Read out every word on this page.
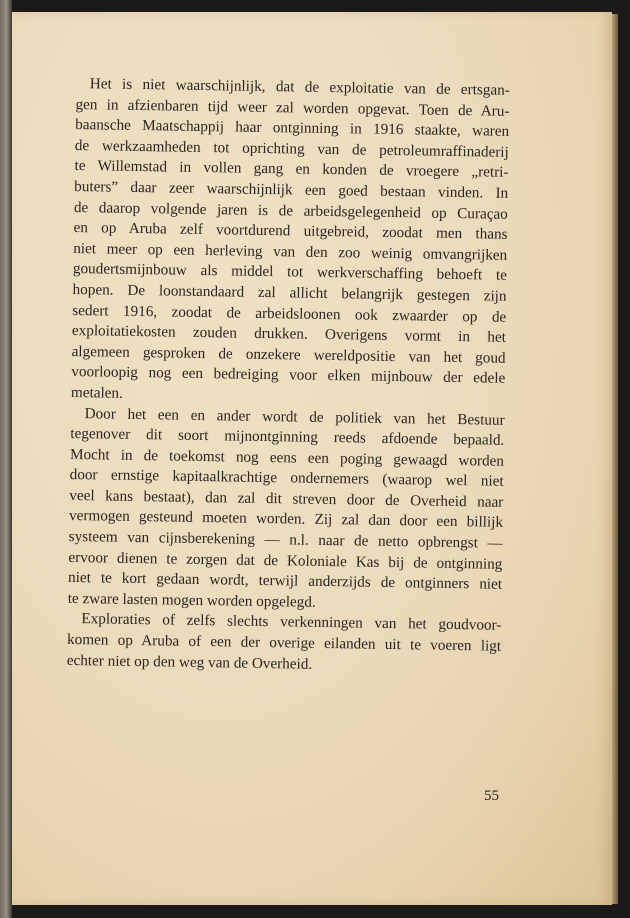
Het is niet waarschijnlijk, dat de exploitatie van de ertsgan-
gen in afzienbaren tijd weer zal worden opgevat. Toen de Aru-
baansche Maatschappij haar ontginning in 1916 staakte, waren
de werkzaamheden tot oprichting van de petroleumraffinaderij
te Willemstad in vollen gang en konden de vroegere „retri-
buters” daar zeer waarschijnlijk een goed bestaan vinden. In
de daarop volgende jaren is de arbeidsgelegenheid op Curaçao
en op Aruba zelf voortdurend uitgebreid, zoodat men thans
niet meer op een herleving van den zoo weinig omvangrijken
goudertsmijnbouw als middel tot werkverschaffing behoeft te
hopen. De loonstandaard zal allicht belangrijk gestegen zijn
sedert 1916, zoodat de arbeidsloonen ook zwaarder op de
exploitatiekosten zouden drukken. Overigens vormt in het
algemeen gesproken de onzekere wereldpositie van het goud
voorloopig nog een bedreiging voor elken mijnbouw der edele
metalen.
Door het een en ander wordt de politiek van het Bestuur
tegenover dit soort mijnontginning reeds afdoende bepaald.
Mocht in de toekomst nog eens een poging gewaagd worden
door ernstige kapitaalkrachtige ondernemers (waarop wel niet
veel kans bestaat), dan zal dit streven door de Overheid naar
vermogen gesteund moeten worden. Zij zal dan door een billijk
systeem van cijnsberekening — n.l. naar de netto opbrengst —
ervoor dienen te zorgen dat de Koloniale Kas bij de ontginning
niet te kort gedaan wordt, terwijl anderzijds de ontginners niet
te zware lasten mogen worden opgelegd.
Exploraties of zelfs slechts verkenningen van het goudvoor-
komen op Aruba of een der overige eilanden uit te voeren ligt
echter niet op den weg van de Overheid.
55
